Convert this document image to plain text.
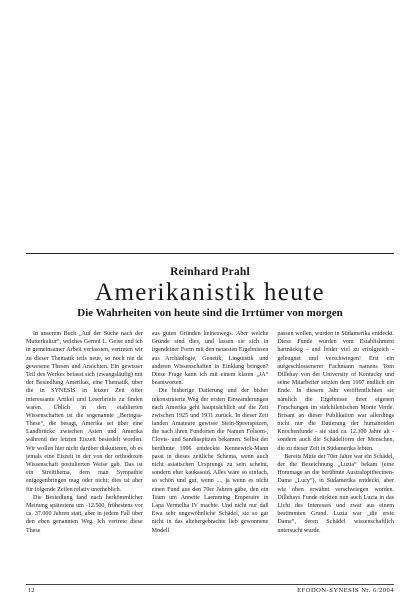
Reinhard Prahl
Amerikanistik heute
Die Wahrheiten von heute sind die Irrtümer von morgen

In unserem Buch „Auf der Suche nach der Mutterkultur“, welches Gernot L. Geise und ich in gemeinsamer Arbeit verfassten, vertreten wir zu dieser Thematik teils neue, so noch nie da gewesene Thesen und Ansichten. Ein gewisser Teil des Werkes befasst sich (zwangsläufig) mit der Besiedlung Amerikas, eine Thematik, über die in SYNESIS in letzter Zeit öfter interessante Artikel und Leserbriefe zu finden waren. Üblich in den etablierten Wissenschaften ist die sogenannte „Beringia-These“, die besagt, Amerika sei über eine Landbrücke zwischen Asien und Amerika während der letzten Eiszeit besiedelt worden. Wir wollen hier nicht darüber diskutieren, ob es jemals eine Eiszeit in der von der orthodoxen Wissenschaft postulierten Weise gab. Das ist ein Streitthema, dem man Sympathie entgegenbringen mag oder nicht; dies ist aber für folgende Zeilen relativ unerheblich.

Die Besiedlung fand nach herkömmlicher Meinung spätestens um -12.500, frühestens vor ca. 37.000 Jahren statt, aber in jedem Fall über den eben genannten Weg. Ich vertrete diese These

aus guten Gründen keineswegs. Aber welche Gründe sind dies, und lassen sie sich in irgendeiner Form mit den neuesten Ergebnissen aus Archäologie, Genetik, Linguistik und anderen Wissenschaften in Einklang bringen? Diese Frage kann ich mit einem klaren „JA“ beantworten.

Die bisherige Datierung und der bisher rekonstruierte Weg der ersten Einwanderungen nach Amerika geht hauptsächlich auf die Zeit zwischen 1925 und 1931 zurück. In dieser Zeit fanden Amateure gewisse Stein-Speerspitzen, die nach ihren Fundorten die Namen Folsom-, Clovis- und Sandiaspitzen bekamen. Selbst der berühmte 1996 entdeckte Kennewick-Mann passt in dieses zeitliche Schema, wenn auch nicht asiatischen Ursprungs zu sein scheint, sondern eher kaukasoid. Alles wäre so einfach, so schön und gut, wenn ..., ja wenn es nicht einen Fund aus den 70er Jahren gäbe, den ein Team um Annette Laemming Emperaire in Lapa Vermelha IV machte. Und nicht nur daß Ewa sehr ungewöhnliche Schädel, sie so gar nicht in das altehergebrachte lieb gewonnene Modell

passen wollen, wurden in Südamerika entdeckt. Diese Funde wurden vom Establishment hartnäckig - und leider viel zu erfolgreich - geleugnet und verschwiegen! Erst ein aufgeschlossenerer Fachmann namens Tom Dillehay von der University of Kentucky und seine Mitarbeiter setzten dem 1997 endlich ein Ende. In diesem Jahr veröffentlichten sie nämlich die Ergebnisse ihrer eigenen Forschungen im südchilenischen Monte Verde. Brisant an dieser Publikation war allerdings nicht nur die Datierung der humanoiden Knochenfunde - sie sind ca. 12.300 Jahre alt - sondern auch die Schädelform der Menschen, die zu dieser Zeit in Südamerika lebten.

Bereits Mitte der 70er Jahre war ein Schädel, der die Bezeichnung „Luzia“ bekam (eine Hommage an die berühmte Australopithecinen-Dame „Lucy“), in Südamerika entdeckt, aber wie oben erwähnt verschwiegen worden. Dillehays Funde rückten nun auch Luzia in das Licht des Interesses und zwar aus einem bestimmten Grund. Luzia war „die erste Dame“, deren Schädel wissenschaftlich untersucht wurde.

12	EFODON-SYNESIS Nr. 6/2004
